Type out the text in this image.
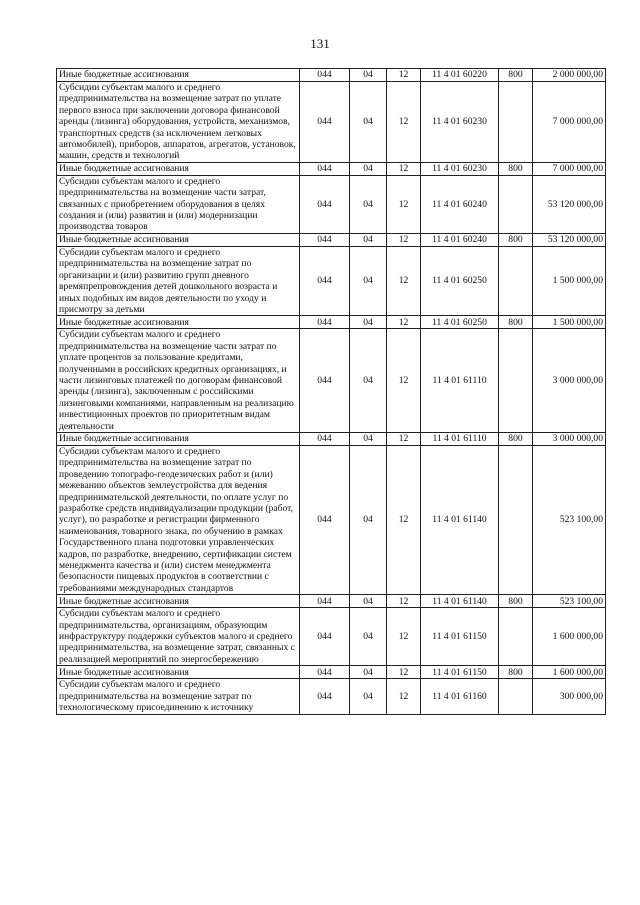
131
Иные бюджетные ассигнования	044	04	12	11 4 01 60220	800	2 000 000,00
Субсидии субъектам малого и среднего предпринимательства на возмещение затрат по уплате первого взноса при заключении договора финансовой аренды (лизинга) оборудования, устройств, механизмов, транспортных средств (за исключением легковых автомобилей), приборов, аппаратов, агрегатов, установок, машин, средств и технологий	044	04	12	11 4 01 60230		7 000 000,00
Иные бюджетные ассигнования	044	04	12	11 4 01 60230	800	7 000 000,00
Субсидии субъектам малого и среднего предпринимательства на возмещение части затрат, связанных с приобретением оборудования в целях создания и (или) развития и (или) модернизации производства товаров	044	04	12	11 4 01 60240		53 120 000,00
Иные бюджетные ассигнования	044	04	12	11 4 01 60240	800	53 120 000,00
Субсидии субъектам малого и среднего предпринимательства на возмещение затрат по организации и (или) развитию групп дневного времяпрепровождения детей дошкольного возраста и иных подобных им видов деятельности по уходу и присмотру за детьми	044	04	12	11 4 01 60250		1 500 000,00
Иные бюджетные ассигнования	044	04	12	11 4 01 60250	800	1 500 000,00
Субсидии субъектам малого и среднего предпринимательства на возмещение части затрат по уплате процентов за пользование кредитами, полученными в российских кредитных организациях, и части лизинговых платежей по договорам финансовой аренды (лизинга), заключенным с российскими лизинговыми компаниями, направленным на реализацию инвестиционных проектов по приоритетным видам деятельности	044	04	12	11 4 01 61110		3 000 000,00
Иные бюджетные ассигнования	044	04	12	11 4 01 61110	800	3 000 000,00
Субсидии субъектам малого и среднего предпринимательства на возмещение затрат по проведению топографо-геодезических работ и (или) межеванию объектов землеустройства для ведения предпринимательской деятельности, по оплате услуг по разработке средств индивидуализации продукции (работ, услуг), по разработке и регистрации фирменного наименования, товарного знака, по обучению в рамках Государственного плана подготовки управленческих кадров, по разработке, внедрению, сертификации систем менеджмента качества и (или) систем менеджмента безопасности пищевых продуктов в соответствии с требованиями международных стандартов	044	04	12	11 4 01 61140		523 100,00
Иные бюджетные ассигнования	044	04	12	11 4 01 61140	800	523 100,00
Субсидии субъектам малого и среднего предпринимательства, организациям, образующим инфраструктуру поддержки субъектов малого и среднего предпринимательства, на возмещение затрат, связанных с реализацией мероприятий по энергосбережению	044	04	12	11 4 01 61150		1 600 000,00
Иные бюджетные ассигнования	044	04	12	11 4 01 61150	800	1 600 000,00
Субсидии субъектам малого и среднего предпринимательства на возмещение затрат по технологическому присоединению к источнику	044	04	12	11 4 01 61160		300 000,00
